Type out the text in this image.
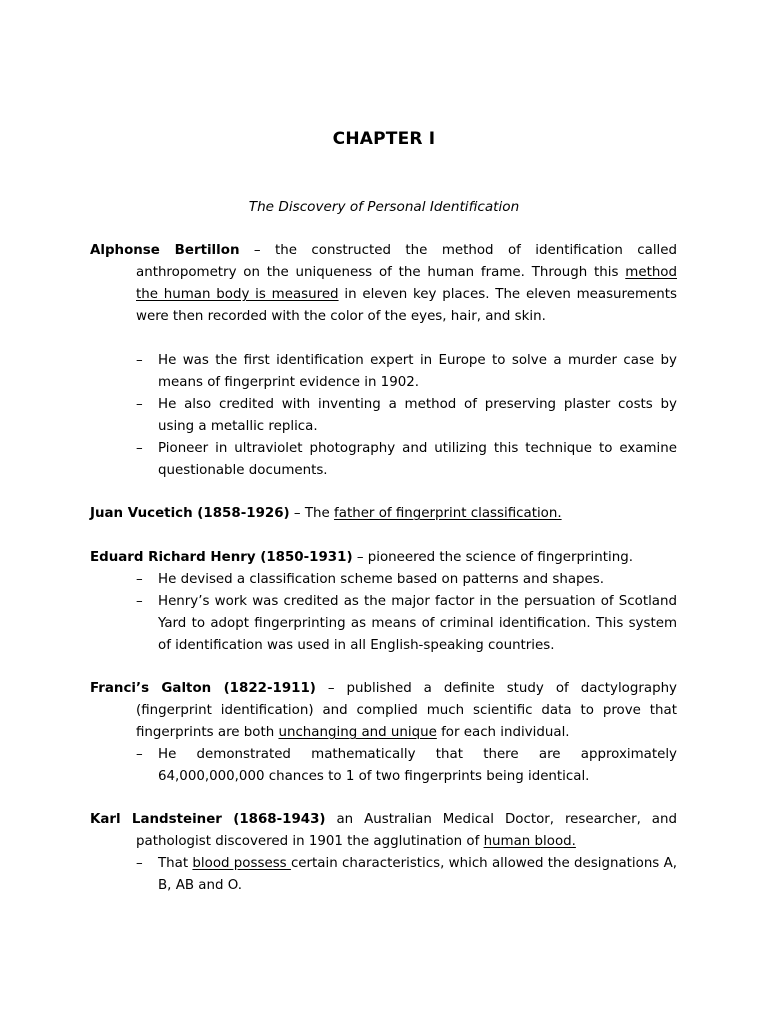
CHAPTER I
The Discovery of Personal Identification

Alphonse Bertillon – the constructed the method of identification called anthropometry on the uniqueness of the human frame. Through this method the human body is measured in eleven key places. The eleven measurements were then recorded with the color of the eyes, hair, and skin.

– He was the first identification expert in Europe to solve a murder case by means of fingerprint evidence in 1902.
– He also credited with inventing a method of preserving plaster costs by using a metallic replica.
– Pioneer in ultraviolet photography and utilizing this technique to examine questionable documents.

Juan Vucetich (1858-1926) – The father of fingerprint classification.

Eduard Richard Henry (1850-1931) – pioneered the science of fingerprinting.

– He devised a classification scheme based on patterns and shapes.
– Henry’s work was credited as the major factor in the persuation of Scotland Yard to adopt fingerprinting as means of criminal identification. This system of identification was used in all English-speaking countries.

Franci’s Galton (1822-1911) – published a definite study of dactylography (fingerprint identification) and complied much scientific data to prove that fingerprints are both unchanging and unique for each individual.

– He demonstrated mathematically that there are approximately 64,000,000,000 chances to 1 of two fingerprints being identical.

Karl Landsteiner (1868-1943) an Australian Medical Doctor, researcher, and pathologist discovered in 1901 the agglutination of human blood.

– That blood possess certain characteristics, which allowed the designations A, B, AB and O.
